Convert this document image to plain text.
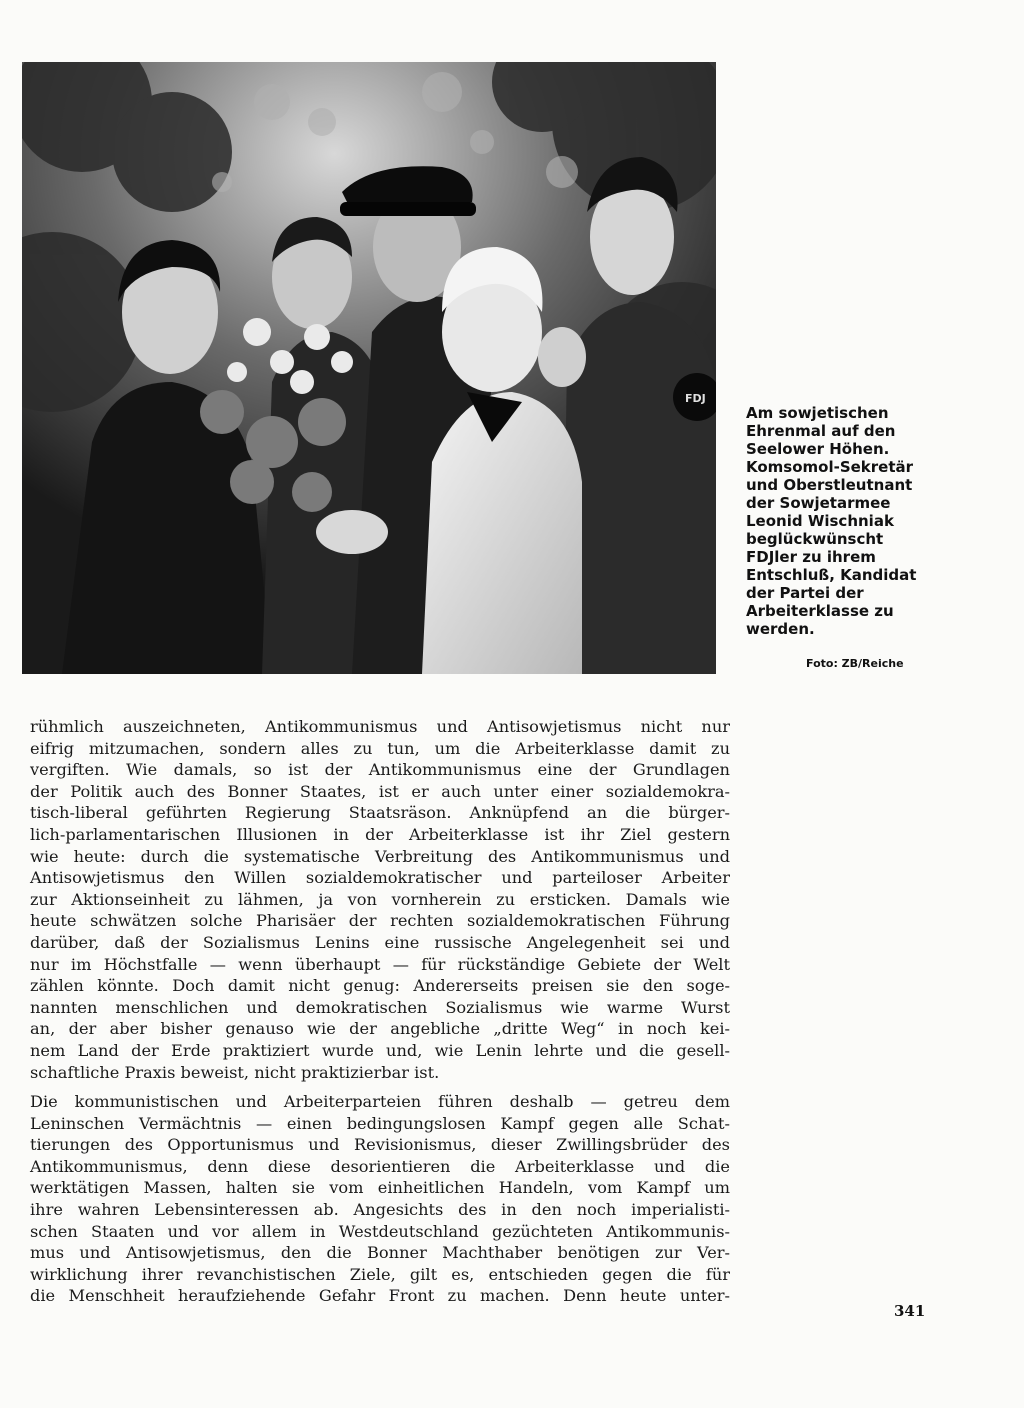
FDJ
Am sowjetischen
Ehrenmal auf den
Seelower Höhen.
Komsomol-Sekretär
und Oberstleutnant
der Sowjetarmee
Leonid Wischniak
beglückwünscht
FDJler zu ihrem
Entschluß, Kandidat
der Partei der
Arbeiterklasse zu
werden.
Foto: ZB/Reiche
rühmlich auszeichneten, Antikommunismus und Antisowjetismus nicht nur
eifrig mitzumachen, sondern alles zu tun, um die Arbeiterklasse damit zu
vergiften. Wie damals, so ist der Antikommunismus eine der Grundlagen
der Politik auch des Bonner Staates, ist er auch unter einer sozialdemokra-
tisch-liberal geführten Regierung Staatsräson. Anknüpfend an die bürger-
lich-parlamentarischen Illusionen in der Arbeiterklasse ist ihr Ziel gestern
wie heute: durch die systematische Verbreitung des Antikommunismus und
Antisowjetismus den Willen sozialdemokratischer und parteiloser Arbeiter
zur Aktionseinheit zu lähmen, ja von vornherein zu ersticken. Damals wie
heute schwätzen solche Pharisäer der rechten sozialdemokratischen Führung
darüber, daß der Sozialismus Lenins eine russische Angelegenheit sei und
nur im Höchstfalle — wenn überhaupt — für rückständige Gebiete der Welt
zählen könnte. Doch damit nicht genug: Andererseits preisen sie den soge-
nannten menschlichen und demokratischen Sozialismus wie warme Wurst
an, der aber bisher genauso wie der angebliche „dritte Weg“ in noch kei-
nem Land der Erde praktiziert wurde und, wie Lenin lehrte und die gesell-
schaftliche Praxis beweist, nicht praktizierbar ist.
Die kommunistischen und Arbeiterparteien führen deshalb — getreu dem
Leninschen Vermächtnis — einen bedingungslosen Kampf gegen alle Schat-
tierungen des Opportunismus und Revisionismus, dieser Zwillingsbrüder des
Antikommunismus, denn diese desorientieren die Arbeiterklasse und die
werktätigen Massen, halten sie vom einheitlichen Handeln, vom Kampf um
ihre wahren Lebensinteressen ab. Angesichts des in den noch imperialisti-
schen Staaten und vor allem in Westdeutschland gezüchteten Antikommunis-
mus und Antisowjetismus, den die Bonner Machthaber benötigen zur Ver-
wirklichung ihrer revanchistischen Ziele, gilt es, entschieden gegen die für
die Menschheit heraufziehende Gefahr Front zu machen. Denn heute unter-
341
